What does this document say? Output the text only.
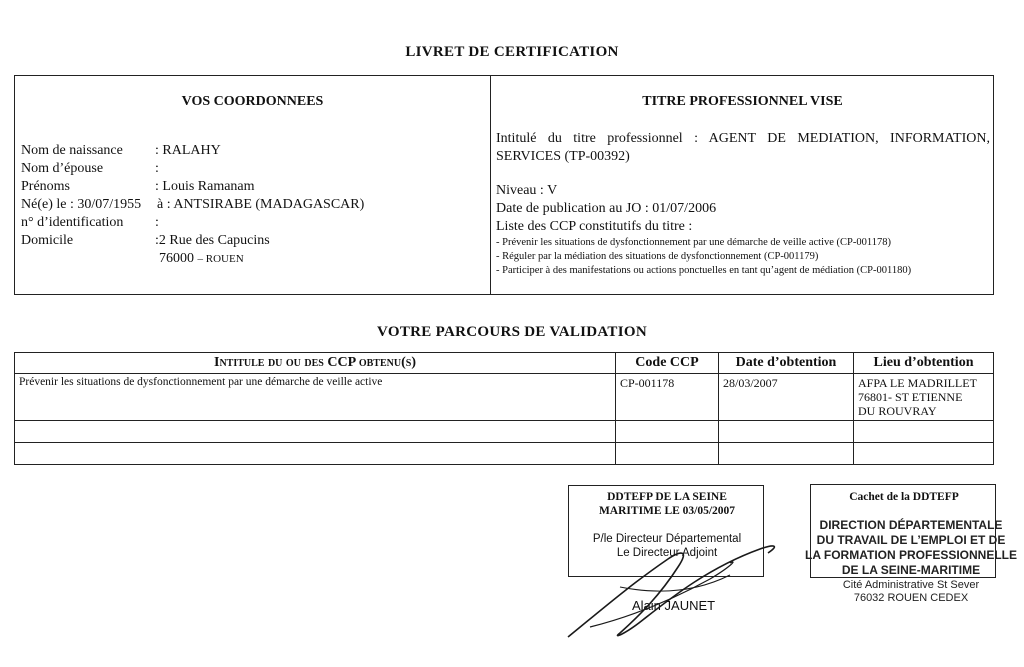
LIVRET DE CERTIFICATION
VOS COORDONNEES
Nom de naissance : RALAHY
Nom d’épouse	:
Prénoms	: Louis Ramanam
Né(e) le : 30/07/1955 à : ANTSIRABE (MADAGASCAR)
n° d’identification :
Domicile	:2 Rue des Capucins
76000 – ROUEN
TITRE PROFESSIONNEL VISE
Intitulé du titre professionnel : AGENT DE MEDIATION, INFORMATION, SERVICES (TP-00392)
Niveau : V
Date de publication au JO : 01/07/2006
Liste des CCP constitutifs du titre :
- Prévenir les situations de dysfonctionnement par une démarche de veille active (CP-001178)
- Réguler par la médiation des situations de dysfonctionnement (CP-001179)
- Participer à des manifestations ou actions ponctuelles en tant qu’agent de médiation (CP-001180)
VOTRE PARCOURS DE VALIDATION
Intitule du ou des CCP obtenu(s)	Code CCP	Date d’obtention	Lieu d’obtention
Prévenir les situations de dysfonctionnement par une démarche de veille active	CP-001178	28/03/2007	AFPA LE MADRILLET
76801- ST ETIENNE
DU ROUVRAY

DDTEFP DE LA SEINE
MARITIME LE 03/05/2007
P/le Directeur Départemental
Le Directeur Adjoint
Alain JAUNET
Cachet de la DDTEFP
DIRECTION DÉPARTEMENTALE
DU TRAVAIL DE L’EMPLOI ET DE
LA FORMATION PROFESSIONNELLE
DE LA SEINE-MARITIME
Cité Administrative St Sever
76032 ROUEN CEDEX
